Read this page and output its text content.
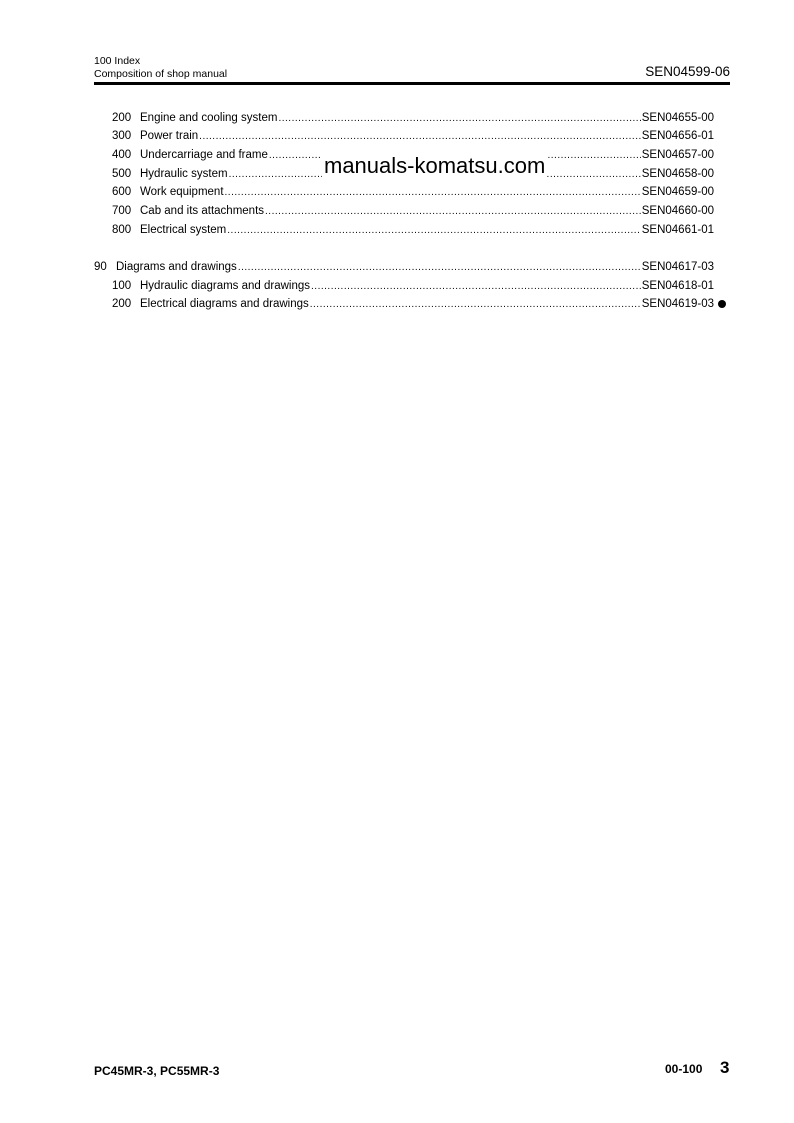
100 Index
Composition of shop manual	SEN04599-06
200 Engine and cooling system .....	SEN04655-00
300 Power train .....	SEN04656-01
400 Undercarriage and frame .....	SEN04657-00
500 Hydraulic system .....	SEN04658-00
600 Work equipment .....	SEN04659-00
700 Cab and its attachments .....	SEN04660-00
800 Electrical system .....	SEN04661-01
90 Diagrams and drawings .....	SEN04617-03
100 Hydraulic diagrams and drawings .....	SEN04618-01
200 Electrical diagrams and drawings .....	SEN04619-03
manuals-komatsu.com
PC45MR-3, PC55MR-3	00-100 3
